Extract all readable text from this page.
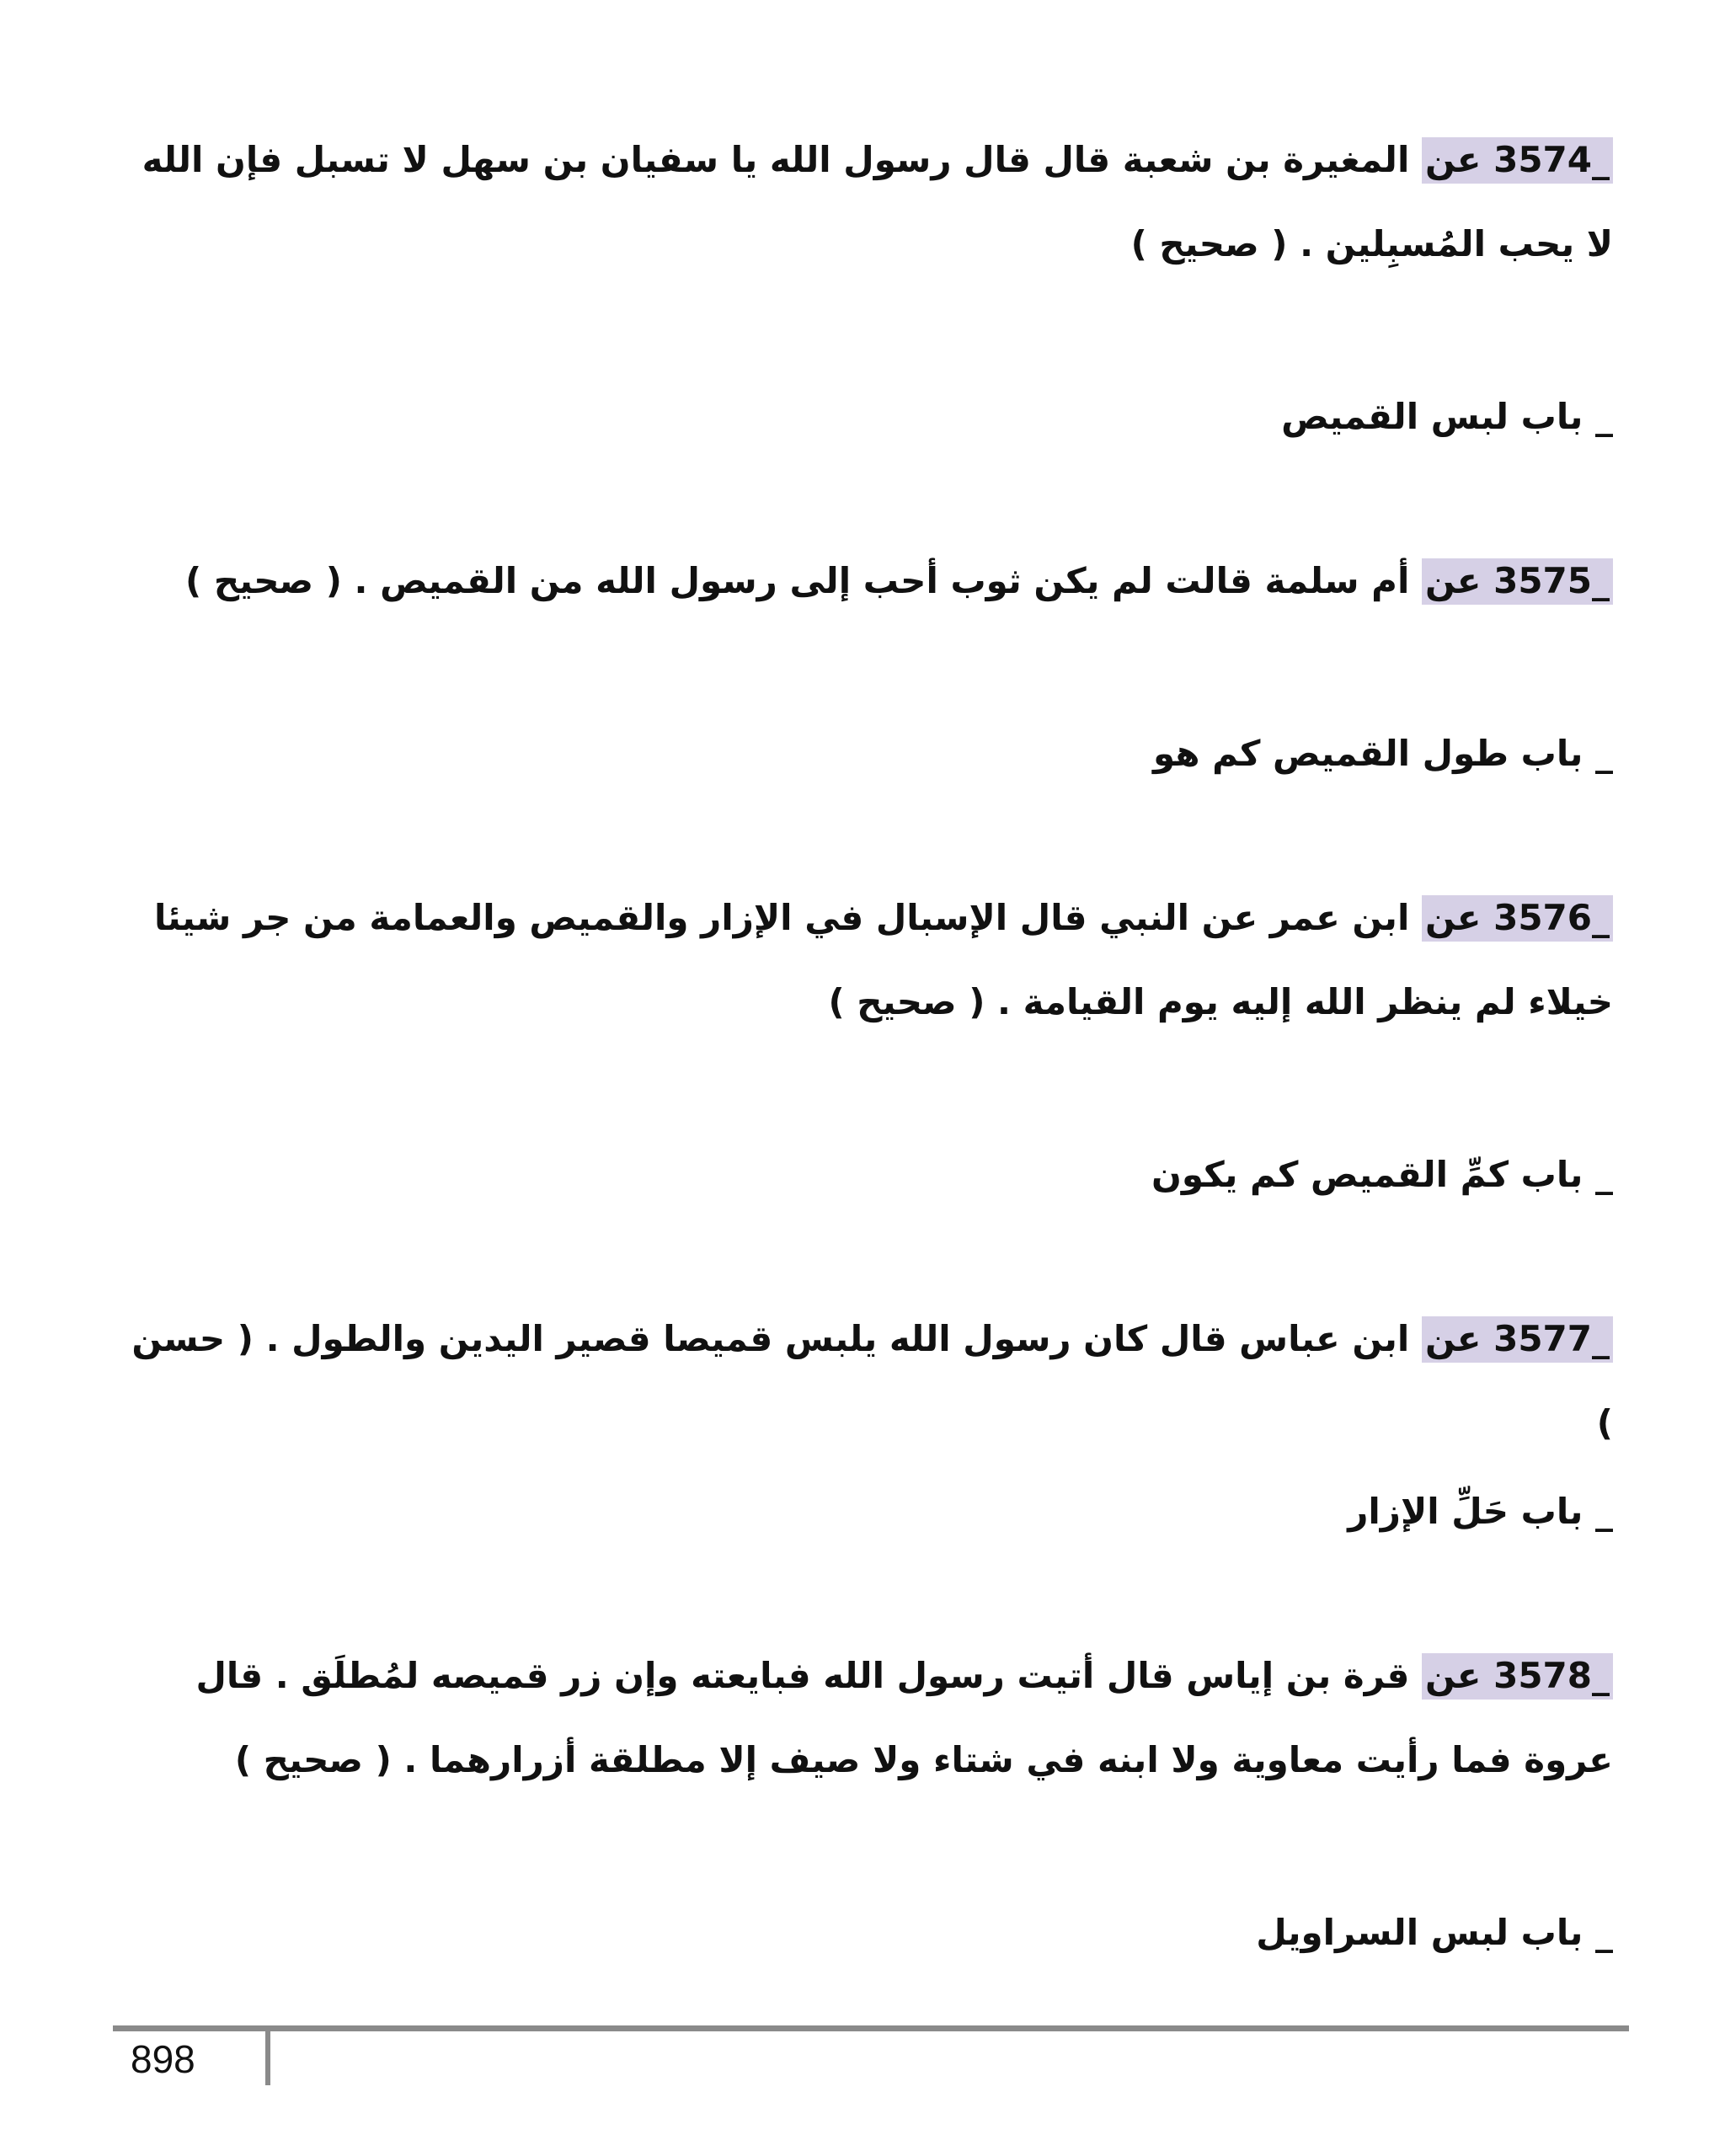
3574_ عن المغيرة بن شعبة قال قال رسول الله يا سفيان بن سهل لا تسبل فإن الله لا يحب المُسبِلين . ( صحيح )
_ باب لبس القميص
3575_ عن أم سلمة قالت لم يكن ثوب أحب إلى رسول الله من القميص . ( صحيح )
_ باب طول القميص كم هو
3576_ عن ابن عمر عن النبي قال الإسبال في الإزار والقميص والعمامة من جر شيئا خيلاء لم ينظر الله إليه يوم القيامة . ( صحيح )
_ باب كمِّ القميص كم يكون
3577_ عن ابن عباس قال كان رسول الله يلبس قميصا قصير اليدين والطول . ( حسن )
_ باب حَلِّ الإزار
3578_ عن قرة بن إياس قال أتيت رسول الله فبايعته وإن زر قميصه لمُطلَق . قال عروة فما رأيت معاوية ولا ابنه في شتاء ولا صيف إلا مطلقة أزرارهما . ( صحيح )
_ باب لبس السراويل
898
